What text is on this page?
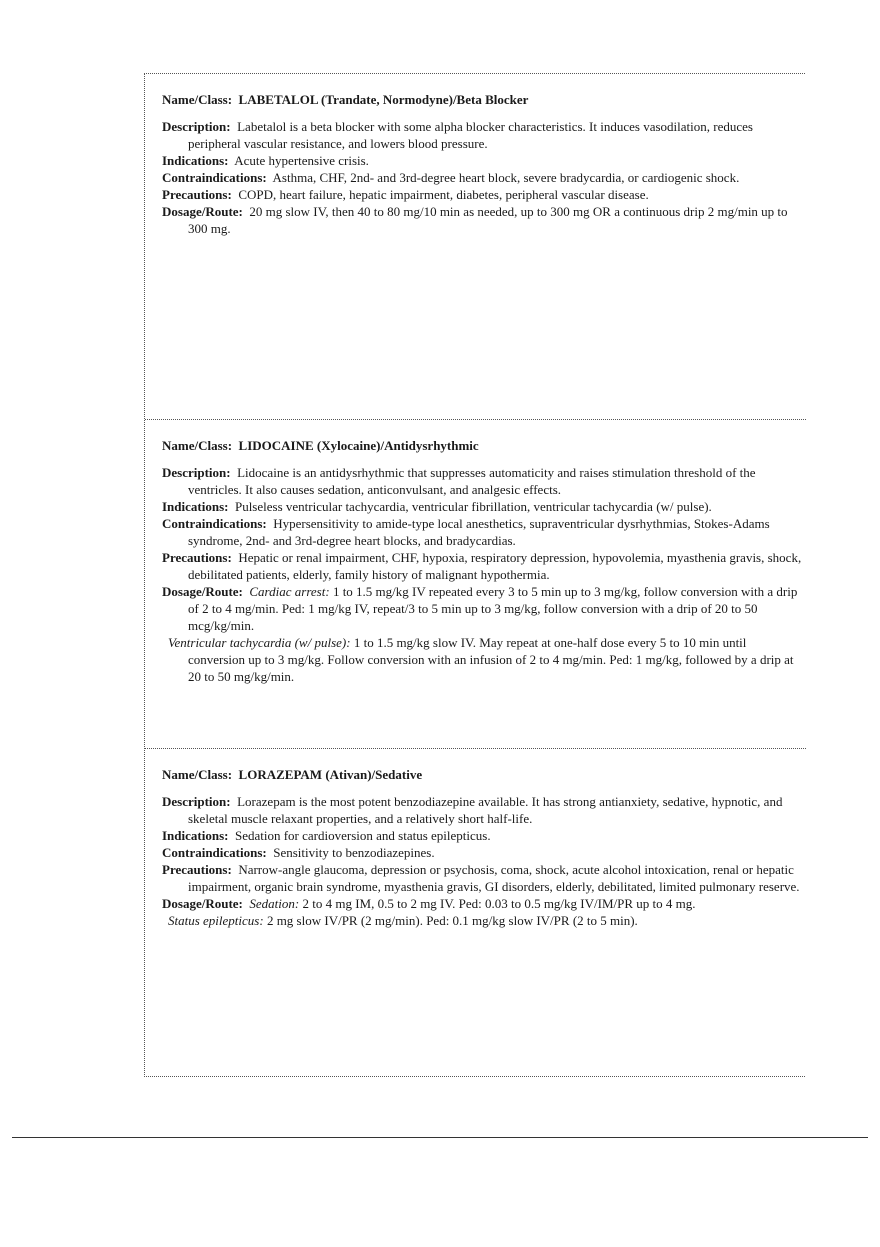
Name/Class: LABETALOL (Trandate, Normodyne)/Beta Blocker

Description: Labetalol is a beta blocker with some alpha blocker characteristics. It induces vasodilation, reduces peripheral vascular resistance, and lowers blood pressure.

Indications: Acute hypertensive crisis.

Contraindications: Asthma, CHF, 2nd- and 3rd-degree heart block, severe bradycardia, or cardiogenic shock.

Precautions: COPD, heart failure, hepatic impairment, diabetes, peripheral vascular disease.

Dosage/Route: 20 mg slow IV, then 40 to 80 mg/10 min as needed, up to 300 mg OR a continuous drip 2 mg/min up to 300 mg.

Name/Class: LIDOCAINE (Xylocaine)/Antidysrhythmic

Description: Lidocaine is an antidysrhythmic that suppresses automaticity and raises stimulation threshold of the ventricles. It also causes sedation, anticonvulsant, and analgesic effects.

Indications: Pulseless ventricular tachycardia, ventricular fibrillation, ventricular tachycardia (w/ pulse).

Contraindications: Hypersensitivity to amide-type local anesthetics, supraventricular dysrhythmias, Stokes-Adams syndrome, 2nd- and 3rd-degree heart blocks, and bradycardias.

Precautions: Hepatic or renal impairment, CHF, hypoxia, respiratory depression, hypovolemia, myasthenia gravis, shock, debilitated patients, elderly, family history of malignant hypothermia.

Dosage/Route: Cardiac arrest: 1 to 1.5 mg/kg IV repeated every 3 to 5 min up to 3 mg/kg, follow conversion with a drip of 2 to 4 mg/min. Ped: 1 mg/kg IV, repeat/3 to 5 min up to 3 mg/kg, follow conversion with a drip of 20 to 50 mcg/kg/min.

Ventricular tachycardia (w/ pulse): 1 to 1.5 mg/kg slow IV. May repeat at one-half dose every 5 to 10 min until conversion up to 3 mg/kg. Follow conversion with an infusion of 2 to 4 mg/min. Ped: 1 mg/kg, followed by a drip at 20 to 50 mg/kg/min.

Name/Class: LORAZEPAM (Ativan)/Sedative

Description: Lorazepam is the most potent benzodiazepine available. It has strong antianxiety, sedative, hypnotic, and skeletal muscle relaxant properties, and a relatively short half-life.

Indications: Sedation for cardioversion and status epilepticus.

Contraindications: Sensitivity to benzodiazepines.

Precautions: Narrow-angle glaucoma, depression or psychosis, coma, shock, acute alcohol intoxication, renal or hepatic impairment, organic brain syndrome, myasthenia gravis, GI disorders, elderly, debilitated, limited pulmonary reserve.

Dosage/Route: Sedation: 2 to 4 mg IM, 0.5 to 2 mg IV. Ped: 0.03 to 0.5 mg/kg IV/IM/PR up to 4 mg.

Status epilepticus: 2 mg slow IV/PR (2 mg/min). Ped: 0.1 mg/kg slow IV/PR (2 to 5 min).
